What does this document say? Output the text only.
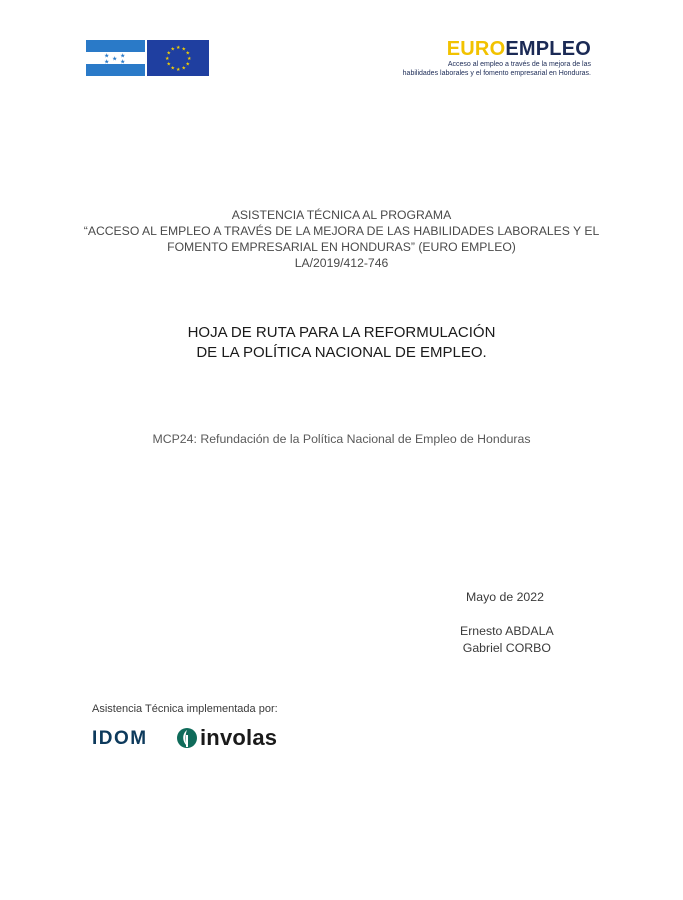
★ ★
★
★ ★
★ ★
★
★
★
★
★
★
★
★
★
★	EUROEMPLEO
Acceso al empleo a través de la mejora de las
habilidades laborales y el fomento empresarial en Honduras.
ASISTENCIA TÉCNICA AL PROGRAMA
“ACCESO AL EMPLEO A TRAVÉS DE LA MEJORA DE LAS HABILIDADES LABORALES Y EL
FOMENTO EMPRESARIAL EN HONDURAS” (EURO EMPLEO)
LA/2019/412-746
HOJA DE RUTA PARA LA REFORMULACIÓN
DE LA POLÍTICA NACIONAL DE EMPLEO.
MCP24: Refundación de la Política Nacional de Empleo de Honduras
Mayo de 2022
Ernesto ABDALA
Gabriel CORBO
Asistencia Técnica implementada por:
IDOM involas
